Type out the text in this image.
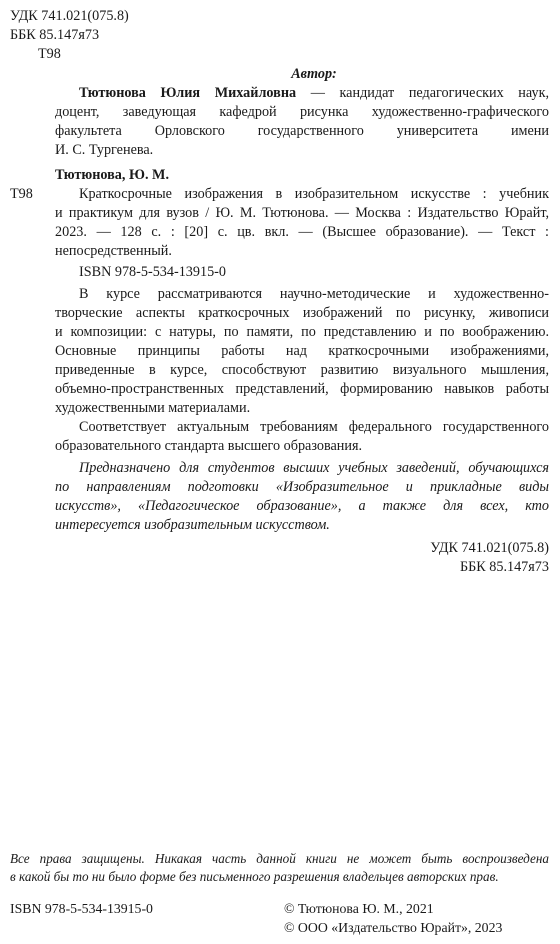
УДК 741.021(075.8)
ББК 85.147я73
Т98
Автор:
Тютюнова Юлия Михайловна — кандидат педагогических наук,
доцент, заведующая кафедрой рисунка художественно-графического
факультета Орловского государственного университета имени
И. С. Тургенева.
Тютюнова, Ю. М.
Т98	Краткосрочные изображения в изобразительном искусстве : учебник
и практикум для вузов / Ю. М. Тютюнова. — Москва : Издательство Юрайт,
2023. — 128 с. : [20] с. цв. вкл. — (Высшее образование). — Текст :
непосредственный.
ISBN 978-5-534-13915-0
В курсе рассматриваются научно-методические и художественно-
творческие аспекты краткосрочных изображений по рисунку, живописи
и композиции: с натуры, по памяти, по представлению и по воображению.
Основные принципы работы над краткосрочными изображениями,
приведенные в курсе, способствуют развитию визуального мышления,
объемно-пространственных представлений, формированию навыков работы
художественными материалами.
Соответствует актуальным требованиям федерального государственного
образовательного стандарта высшего образования.
Предназначено для студентов высших учебных заведений, обучающихся
по направлениям подготовки «Изобразительное и прикладные виды
искусств», «Педагогическое образование», а также для всех, кто
интересуется изобразительным искусством.
УДК 741.021(075.8)
ББК 85.147я73
Все права защищены. Никакая часть данной книги не может быть воспроизведена
в какой бы то ни было форме без письменного разрешения владельцев авторских прав.
ISBN 978-5-534-13915-0	© Тютюнова Ю. М., 2021
© ООО «Издательство Юрайт», 2023
